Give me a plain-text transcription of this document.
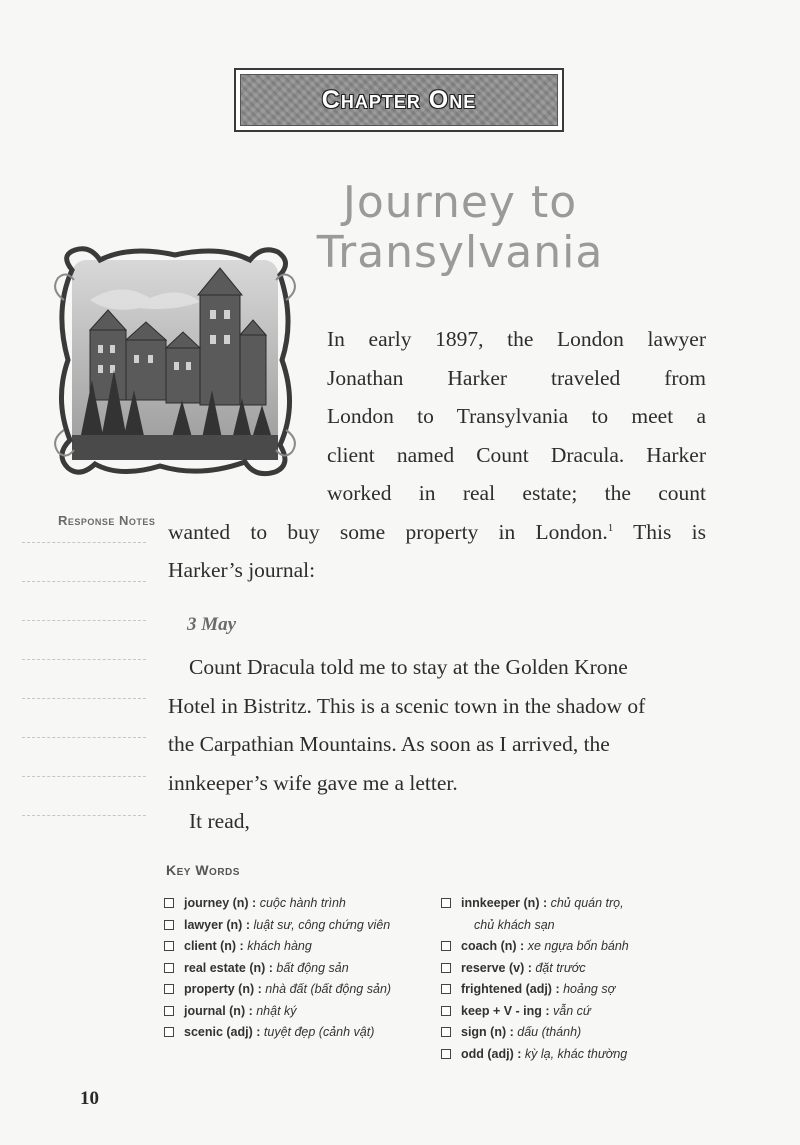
Chapter One
Journey to
Transylvania
In early 1897, the London lawyer
Jonathan Harker traveled from
London to Transylvania to meet a
client named Count Dracula. Harker
worked in real estate; the count
wanted to buy some property in London.$^1$ This is
Harker’s journal:
Response Notes
3 May
Count Dracula told me to stay at the Golden Krone
Hotel in Bistritz. This is a scenic town in the shadow of
the Carpathian Mountains. As soon as I arrived, the
innkeeper’s wife gave me a letter.
It read,
Key Words
journey (n) : cuộc hành trình
lawyer (n) : luật sư, công chứng viên
client (n) : khách hàng
real estate (n) : bất động sản
property (n) : nhà đất (bất động sản)
journal (n) : nhật ký
scenic (adj) : tuyệt đẹp (cảnh vật)
innkeeper (n) : chủ quán trọ,
chủ khách sạn
coach (n) : xe ngựa bốn bánh
reserve (v) : đặt trước
frightened (adj) : hoảng sợ
keep + V - ing : vẫn cứ
sign (n) : dấu (thánh)
odd (adj) : kỳ lạ, khác thường
10
